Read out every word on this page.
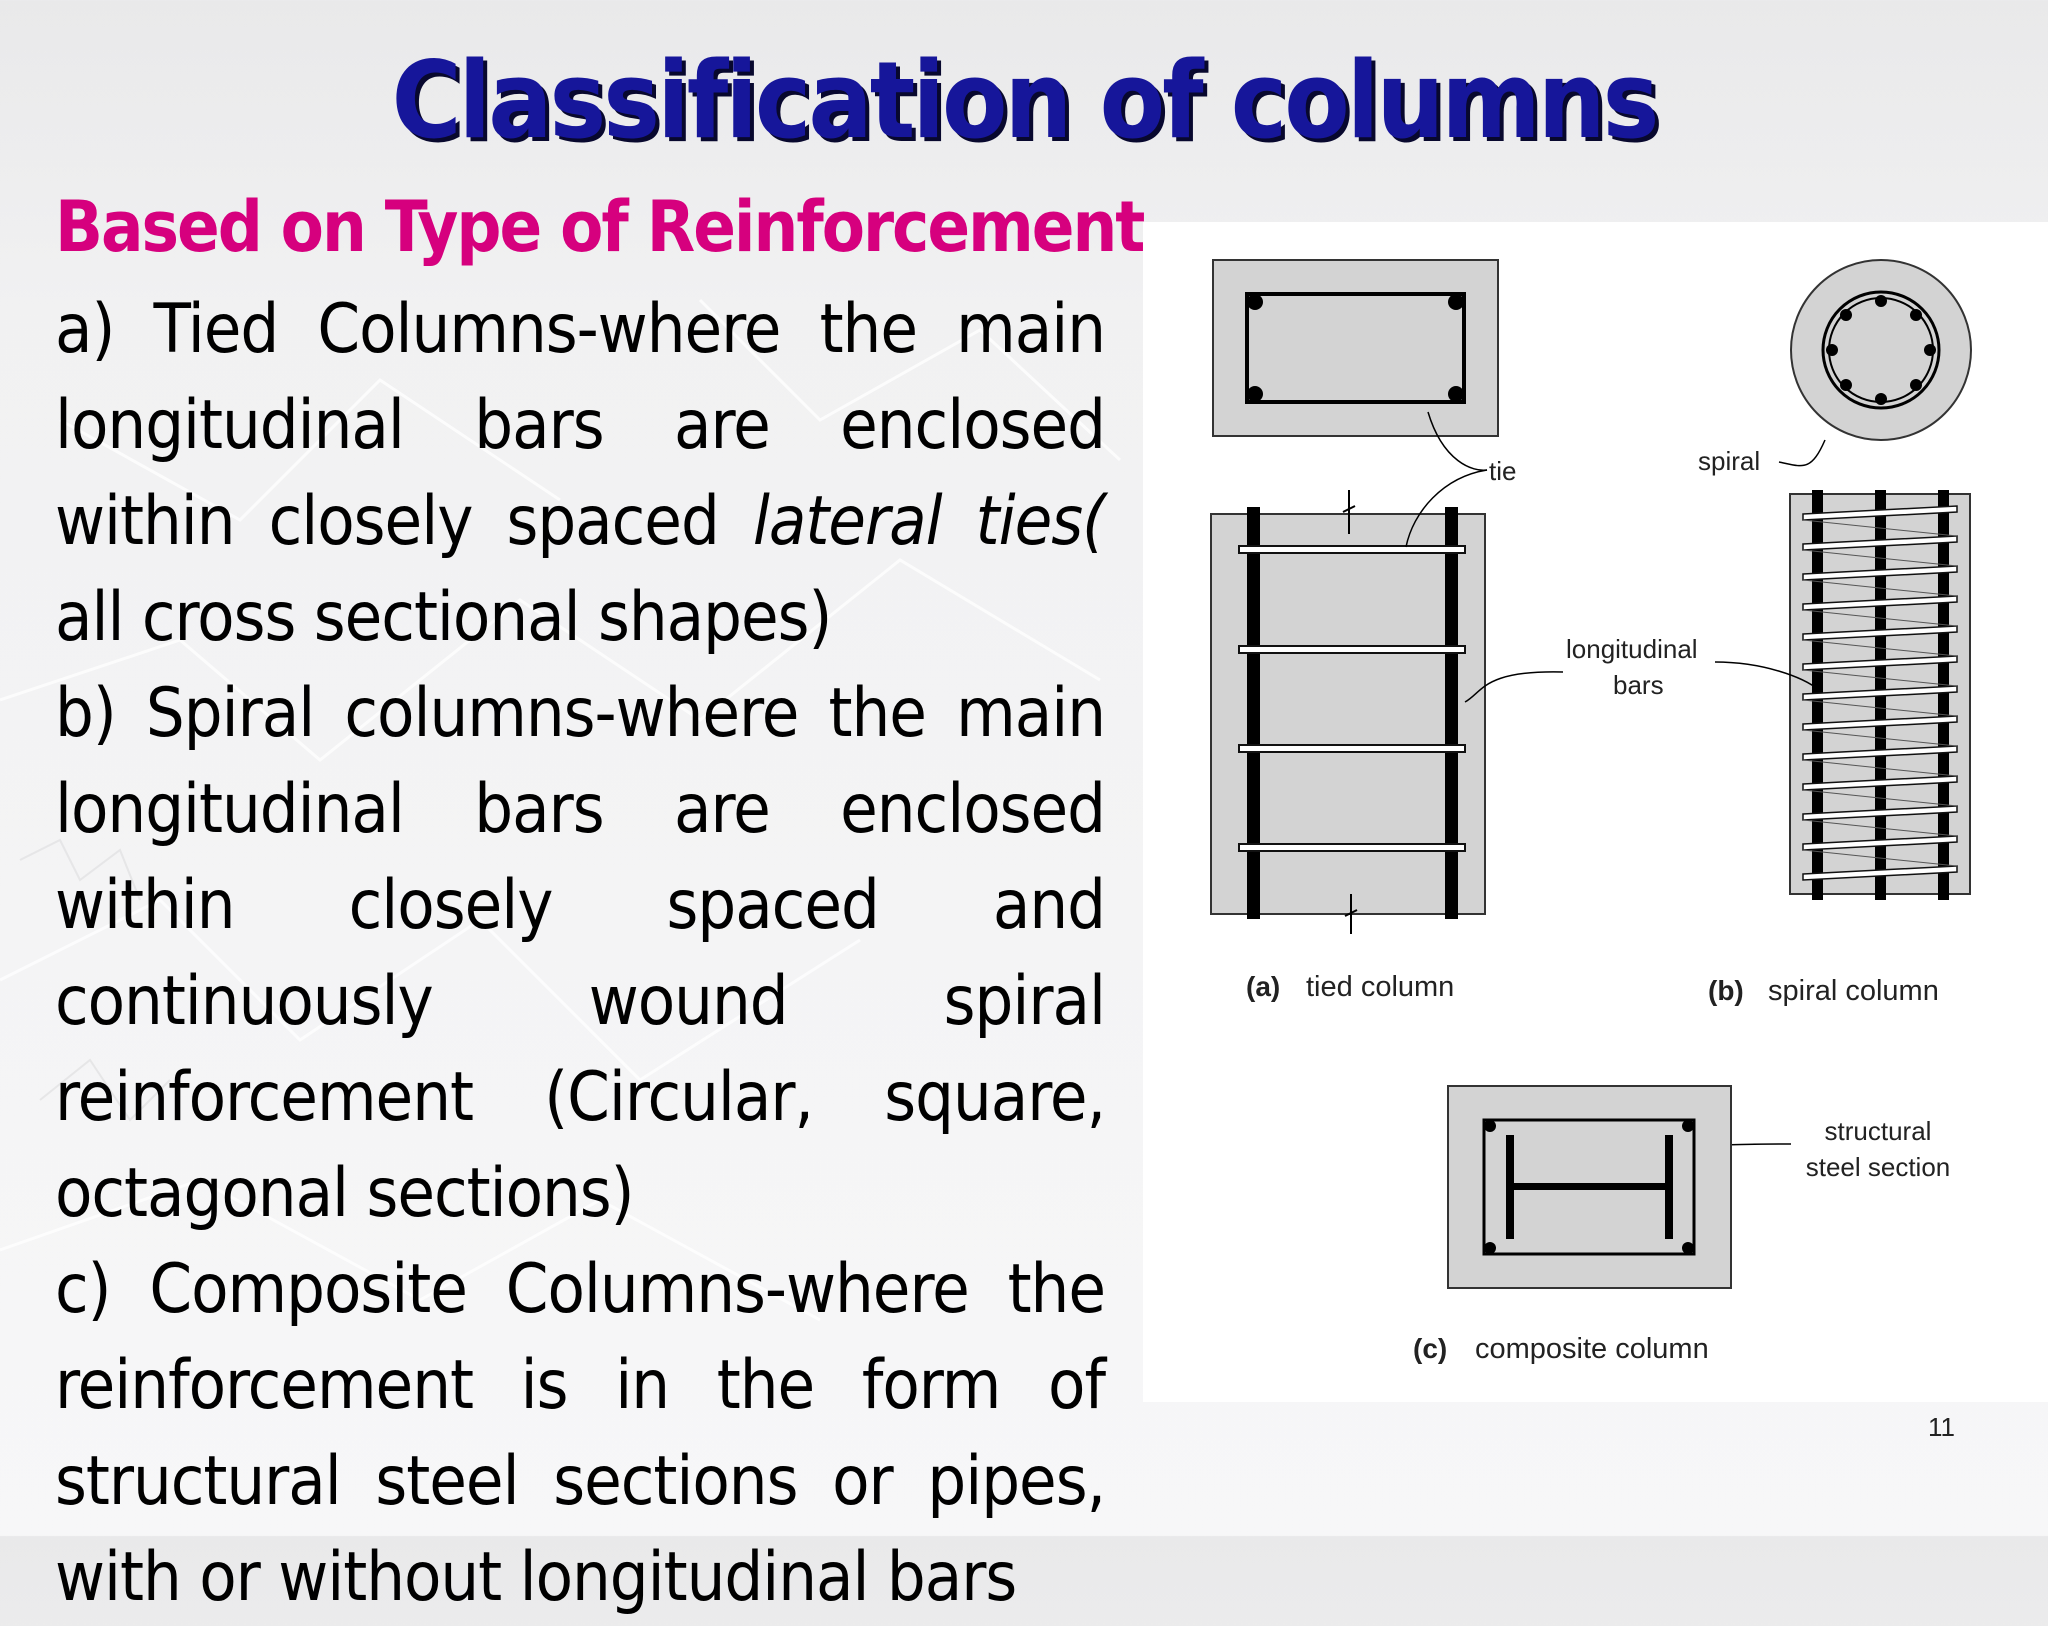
Classification of columns
Based on Type of Reinforcement

a) Tied Columns-where the main longitudinal bars are enclosed within closely spaced lateral ties( all cross sectional shapes)

b) Spiral columns-where the main longitudinal bars are enclosed within closely spaced and continuously wound spiral reinforcement (Circular, square, octagonal sections)

c) Composite Columns-where the reinforcement is in the form of structural steel sections or pipes, with or without longitudinal bars

tie	spiral
longitudinal
bars
structural
steel section
(a) tied column	(b) spiral column
(c) composite column
11
